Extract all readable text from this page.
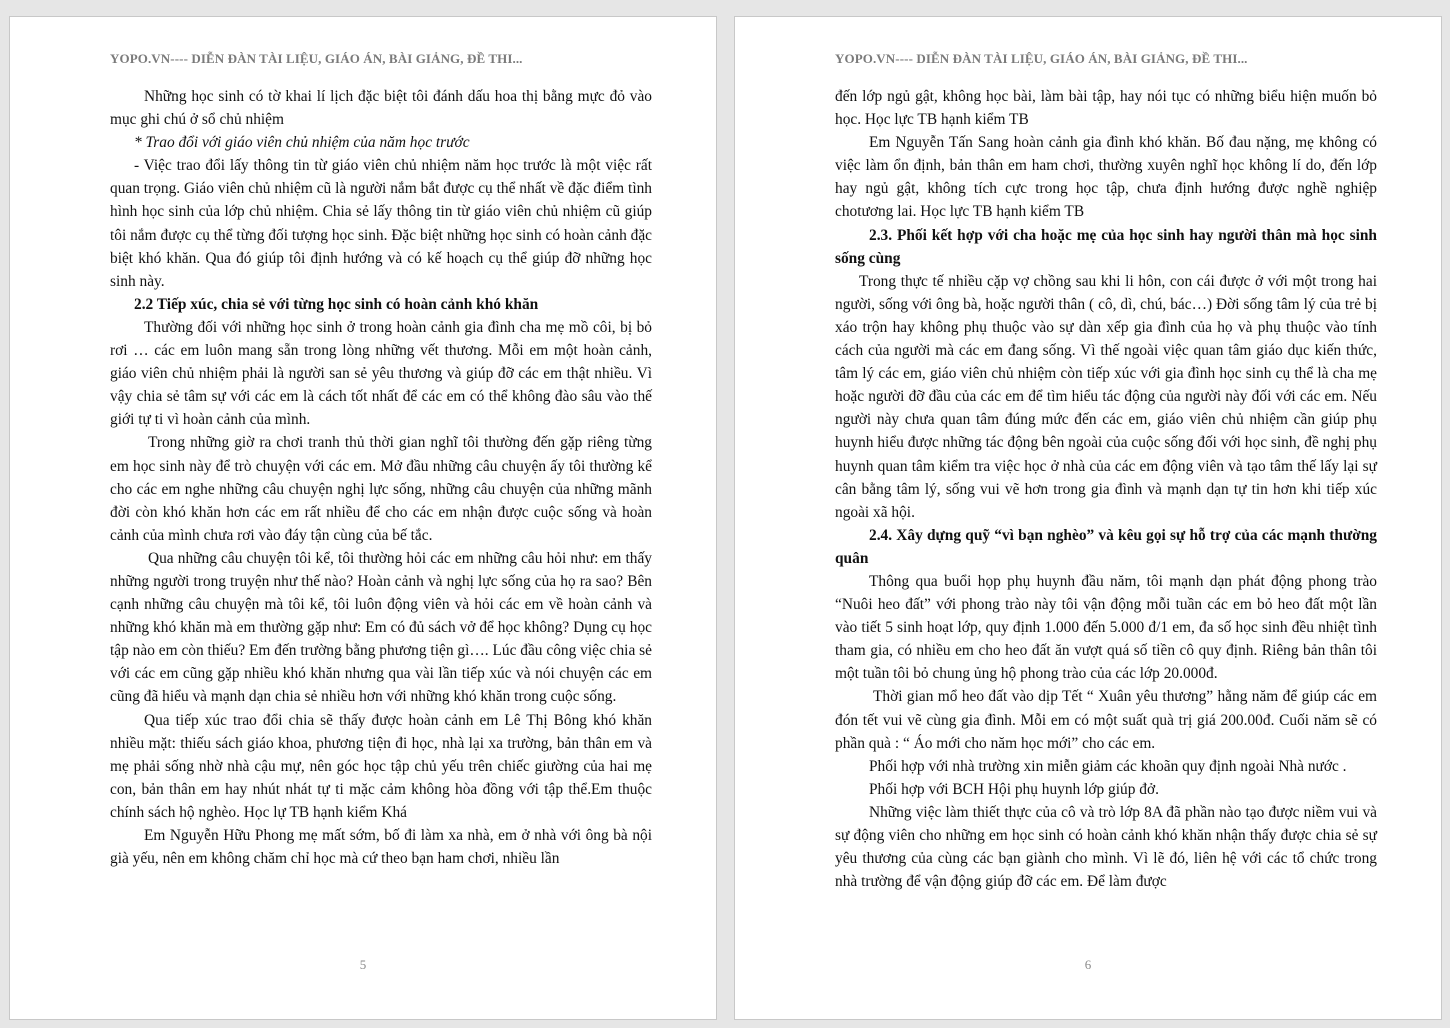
YOPO.VN---- DIỄN ĐÀN TÀI LIỆU, GIÁO ÁN, BÀI GIẢNG, ĐỀ THI...

Những học sinh có tờ khai lí lịch đặc biệt tôi đánh dấu hoa thị bằng mực đỏ vào mục ghi chú ở sổ chủ nhiệm

* Trao đổi với giáo viên chủ nhiệm của năm học trước

- Việc trao đổi lấy thông tin từ giáo viên chủ nhiệm năm học trước là một việc rất quan trọng. Giáo viên chủ nhiệm cũ là người nắm bắt được cụ thể nhất về đặc điểm tình hình học sinh của lớp chủ nhiệm. Chia sẻ lấy thông tin từ giáo viên chủ nhiệm cũ giúp tôi nắm được cụ thể từng đối tượng học sinh. Đặc biệt những học sinh có hoàn cảnh đặc biệt khó khăn. Qua đó giúp tôi định hướng và có kế hoạch cụ thể giúp đỡ những học sinh này.

2.2 Tiếp xúc, chia sẻ với từng học sinh có hoàn cảnh khó khăn

Thường đối với những học sinh ở trong hoàn cảnh gia đình cha mẹ mồ côi, bị bỏ rơi … các em luôn mang sẵn trong lòng những vết thương. Mỗi em một hoàn cảnh, giáo viên chủ nhiệm phải là người san sẻ yêu thương và giúp đỡ các em thật nhiều. Vì vậy chia sẻ tâm sự với các em là cách tốt nhất để các em có thể không đào sâu vào thế giới tự ti vì hoàn cảnh của mình.

Trong những giờ ra chơi tranh thủ thời gian nghĩ tôi thường đến gặp riêng từng em học sinh này để trò chuyện với các em. Mở đầu những câu chuyện ấy tôi thường kể cho các em nghe những câu chuyện nghị lực sống, những câu chuyện của những mãnh đời còn khó khăn hơn các em rất nhiều để cho các em nhận được cuộc sống và hoàn cảnh của mình chưa rơi vào đáy tận cùng của bế tắc.

Qua những câu chuyện tôi kể, tôi thường hỏi các em những câu hỏi như: em thấy những người trong truyện như thế nào? Hoàn cảnh và nghị lực sống của họ ra sao? Bên cạnh những câu chuyện mà tôi kể, tôi luôn động viên và hỏi các em về hoàn cảnh và những khó khăn mà em thường gặp như: Em có đủ sách vở để học không? Dụng cụ học tập nào em còn thiếu? Em đến trường bằng phương tiện gì…. Lúc đầu công việc chia sẻ với các em cũng gặp nhiều khó khăn nhưng qua vài lần tiếp xúc và nói chuyện các em cũng đã hiểu và mạnh dạn chia sẻ nhiều hơn với những khó khăn trong cuộc sống.

Qua tiếp xúc trao đổi chia sẽ thấy được hoàn cảnh em Lê Thị Bông khó khăn nhiều mặt: thiếu sách giáo khoa, phương tiện đi học, nhà lại xa trường, bản thân em và mẹ phải sống nhờ nhà cậu mự, nên góc học tập chủ yếu trên chiếc giường của hai mẹ con, bản thân em hay nhút nhát tự ti mặc cảm không hòa đồng với tập thể.Em thuộc chính sách hộ nghèo. Học lự TB hạnh kiểm Khá

Em Nguyễn Hữu Phong mẹ mất sớm, bố đi làm xa nhà, em ở nhà với ông bà nội già yếu, nên em không chăm chỉ học mà cứ theo bạn ham chơi, nhiều lần

5
YOPO.VN---- DIỄN ĐÀN TÀI LIỆU, GIÁO ÁN, BÀI GIẢNG, ĐỀ THI...

đến lớp ngủ gật, không học bài, làm bài tập, hay nói tục có những biểu hiện muốn bỏ học. Học lực TB hạnh kiểm TB

Em Nguyễn Tấn Sang hoàn cảnh gia đình khó khăn. Bố đau nặng, mẹ không có việc làm ổn định, bản thân em ham chơi, thường xuyên nghĩ học không lí do, đến lớp hay ngủ gật, không tích cực trong học tập, chưa định hướng được nghề nghiệp chotương lai. Học lực TB hạnh kiểm TB

2.3. Phối kết hợp với cha hoặc mẹ của học sinh hay người thân mà học sinh sống cùng

Trong thực tế nhiều cặp vợ chồng sau khi li hôn, con cái được ở với một trong hai người, sống với ông bà, hoặc người thân ( cô, dì, chú, bác…) Đời sống tâm lý của trẻ bị xáo trộn hay không phụ thuộc vào sự dàn xếp gia đình của họ và phụ thuộc vào tính cách của người mà các em đang sống. Vì thế ngoài việc quan tâm giáo dục kiến thức, tâm lý các em, giáo viên chủ nhiệm còn tiếp xúc với gia đình học sinh cụ thể là cha mẹ hoặc người đỡ đầu của các em để tìm hiểu tác động của người này đối với các em. Nếu người này chưa quan tâm đúng mức đến các em, giáo viên chủ nhiệm cần giúp phụ huynh hiểu được những tác động bên ngoài của cuộc sống đối với học sinh, đề nghị phụ huynh quan tâm kiểm tra việc học ở nhà của các em động viên và tạo tâm thế lấy lại sự cân bằng tâm lý, sống vui vẽ hơn trong gia đình và mạnh dạn tự tin hơn khi tiếp xúc ngoài xã hội.

2.4. Xây dựng quỹ “vì bạn nghèo” và kêu gọi sự hỗ trợ của các mạnh thường quân

Thông qua buổi họp phụ huynh đầu năm, tôi mạnh dạn phát động phong trào “Nuôi heo đất” với phong trào này tôi vận động mỗi tuần các em bỏ heo đất một lần vào tiết 5 sinh hoạt lớp, quy định 1.000 đến 5.000 đ/1 em, đa số học sinh đều nhiệt tình tham gia, có nhiều em cho heo đất ăn vượt quá số tiền cô quy định. Riêng bản thân tôi một tuần tôi bỏ chung ủng hộ phong trào của các lớp 20.000đ.

Thời gian mổ heo đất vào dịp Tết “ Xuân yêu thương” hằng năm để giúp các em đón tết vui vẽ cùng gia đình. Mỗi em có một suất quà trị giá 200.00đ. Cuối năm sẽ có phần quà : “ Áo mới cho năm học mới” cho các em.

Phối hợp với nhà trường xin miễn giảm các khoãn quy định ngoài Nhà nước .

Phối hợp với BCH Hội phụ huynh lớp giúp đở.

Những việc làm thiết thực của cô và trò lớp 8A đã phần nào tạo được niềm vui và sự động viên cho những em học sinh có hoàn cảnh khó khăn nhận thấy được chia sẻ sự yêu thương của cùng các bạn giành cho mình. Vì lẽ đó, liên hệ với các tổ chức trong nhà trường để vận động giúp đỡ các em. Để làm được

6
